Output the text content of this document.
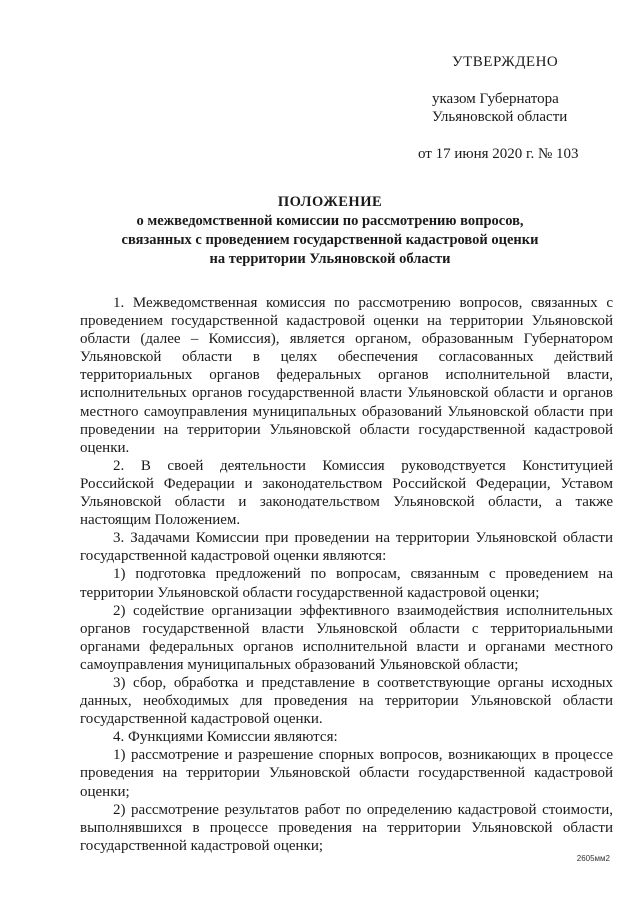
УТВЕРЖДЕНО
указом Губернатора
Ульяновской области
от 17 июня 2020 г. № 103
ПОЛОЖЕНИЕ
о межведомственной комиссии по рассмотрению вопросов,
связанных с проведением государственной кадастровой оценки
на территории Ульяновской области

1. Межведомственная комиссия по рассмотрению вопросов, связанных с проведением государственной кадастровой оценки на территории Ульяновской области (далее – Комиссия), является органом, образованным Губернатором Ульяновской области в целях обеспечения согласованных действий территориальных органов федеральных органов исполнительной власти, исполнительных органов государственной власти Ульяновской области и органов местного самоуправления муниципальных образований Ульяновской области при проведении на территории Ульяновской области государственной кадастровой оценки.

2. В своей деятельности Комиссия руководствуется Конституцией Российской Федерации и законодательством Российской Федерации, Уставом Ульяновской области и законодательством Ульяновской области, а также настоящим Положением.

3. Задачами Комиссии при проведении на территории Ульяновской области государственной кадастровой оценки являются:

1) подготовка предложений по вопросам, связанным с проведением на территории Ульяновской области государственной кадастровой оценки;

2) содействие организации эффективного взаимодействия исполнительных органов государственной власти Ульяновской области с территориальными органами федеральных органов исполнительной власти и органами местного самоуправления муниципальных образований Ульяновской области;

3) сбор, обработка и представление в соответствующие органы исходных данных, необходимых для проведения на территории Ульяновской области государственной кадастровой оценки.

4. Функциями Комиссии являются:

1) рассмотрение и разрешение спорных вопросов, возникающих в процессе проведения на территории Ульяновской области государственной кадастровой оценки;

2) рассмотрение результатов работ по определению кадастровой стоимости, выполнявшихся в процессе проведения на территории Ульяновской области государственной кадастровой оценки;

2605мм2
